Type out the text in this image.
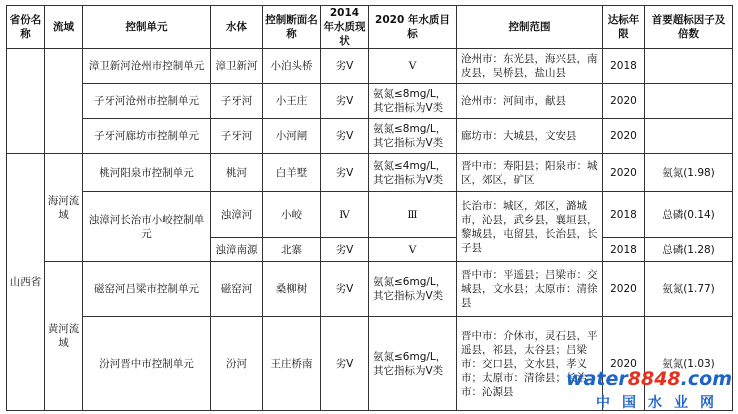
省份名称	流域	控制单元	水体	控制断面名称	2014 年水质现状	2020 年水质目标	控制范围	达标年限	首要超标因子及倍数
		漳卫新河沧州市控制单元	漳卫新河	小泊头桥	劣Ⅴ	Ⅴ	沧州市：东光县，海兴县，南皮县，吴桥县，盐山县	2018	
		子牙河沧州市控制单元	子牙河	小王庄	劣Ⅴ	氨氮≤8mg/L，其它指标为Ⅴ类	沧州市：河间市，献县	2020	
		子牙河廊坊市控制单元	子牙河	小河闸	劣Ⅴ	氨氮≤8mg/L，其它指标为Ⅴ类	廊坊市：大城县，文安县	2020	
山西省	海河流域	桃河阳泉市控制单元	桃河	白羊墅	劣Ⅴ	氨氮≤4mg/L，其它指标为Ⅴ类	晋中市：寿阳县；阳泉市：城区，郊区，矿区	2020	氨氮(1.98)
		浊漳河长治市小峧控制单元	浊漳河	小峧	Ⅳ	Ⅲ	长治市：城区，郊区，潞城市，沁县，武乡县，襄垣县，黎城县，屯留县，长治县，长子县	2018	总磷(0.14)
			浊漳南源	北寨	劣Ⅴ	Ⅴ		2018	总磷(1.28)
	黄河流域	磁窑河吕梁市控制单元	磁窑河	桑柳树	劣Ⅴ	氨氮≤6mg/L，其它指标为Ⅴ类	晋中市：平遥县；吕梁市：交城县，文水县；太原市：清徐县	2020	氨氮(1.77)
		汾河晋中市控制单元	汾河	王庄桥南	劣Ⅴ	氨氮≤6mg/L，其它指标为Ⅴ类	晋中市：介休市，灵石县，平遥县，祁县，太谷县；吕梁市：交口县，文水县，孝义市；太原市：清徐县；长治市：沁源县	2020	氨氮(1.03)
water8848.com
中国水业网
